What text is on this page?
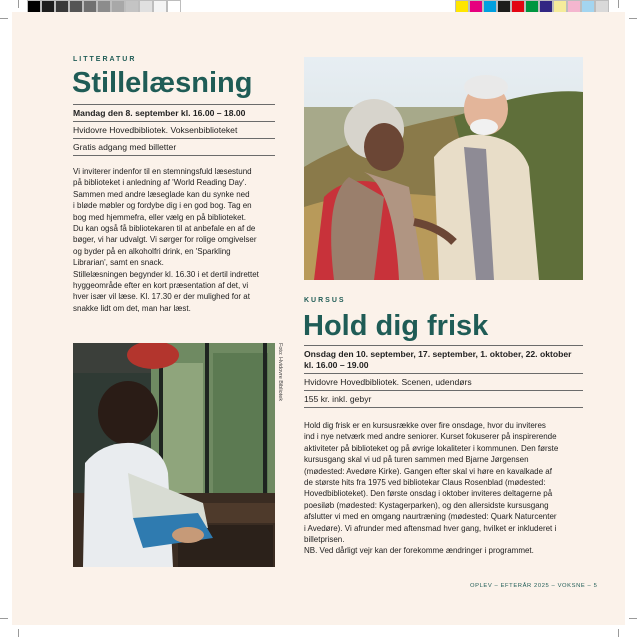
LITTERATUR
Stillelæsning
Mandag den 8. september kl. 16.00 – 18.00
Hvidovre Hovedbibliotek. Voksenbiblioteket
Gratis adgang med billetter

Vi inviterer indenfor til en stemningsfuld læsestund

på biblioteket i anledning af 'World Reading Day'.

Sammen med andre læseglade kan du synke ned

i bløde møbler og fordybe dig i en god bog. Tag en

bog med hjemmefra, eller vælg en på biblioteket.

Du kan også få bibliotekaren til at anbefale en af de

bøger, vi har udvalgt. Vi sørger for rolige omgivelser

og byder på en alkoholfri drink, en 'Sparkling

Librarian', samt en snack.

Stillelæsningen begynder kl. 16.30 i et dertil indrettet

hyggeområde efter en kort præsentation af det, vi

hver især vil læse. Kl. 17.30 er der mulighed for at

snakke lidt om det, man har læst.

Foto: Hvidovre Bibliotek
KURSUS
Hold dig frisk
Onsdag den 10. september, 17. september, 1. oktober, 22. oktober
kl. 16.00 – 19.00
Hvidovre Hovedbibliotek. Scenen, udendørs
155 kr. inkl. gebyr

Hold dig frisk er en kursusrække over fire onsdage, hvor du inviteres

ind i nye netværk med andre seniorer. Kurset fokuserer på inspirerende

aktiviteter på biblioteket og på øvrige lokaliteter i kommunen. Den første

kursusgang skal vi ud på turen sammen med Bjarne Jørgensen

(mødested: Avedøre Kirke). Gangen efter skal vi høre en kavalkade af

de største hits fra 1975 ved bibliotekar Claus Rosenblad (mødested:

Hovedbiblioteket). Den første onsdag i oktober inviteres deltagerne på

poesiløb (mødested: Kystagerparken), og den allersidste kursusgang

afslutter vi med en omgang naurtræning (mødested: Quark Naturcenter

i Avedøre). Vi afrunder med aftensmad hver gang, hvilket er inkluderet i

billetprisen.

NB. Ved dårligt vejr kan der forekomme ændringer i programmet.

OPLEV – EFTERÅR 2025 – VOKSNE – 5
